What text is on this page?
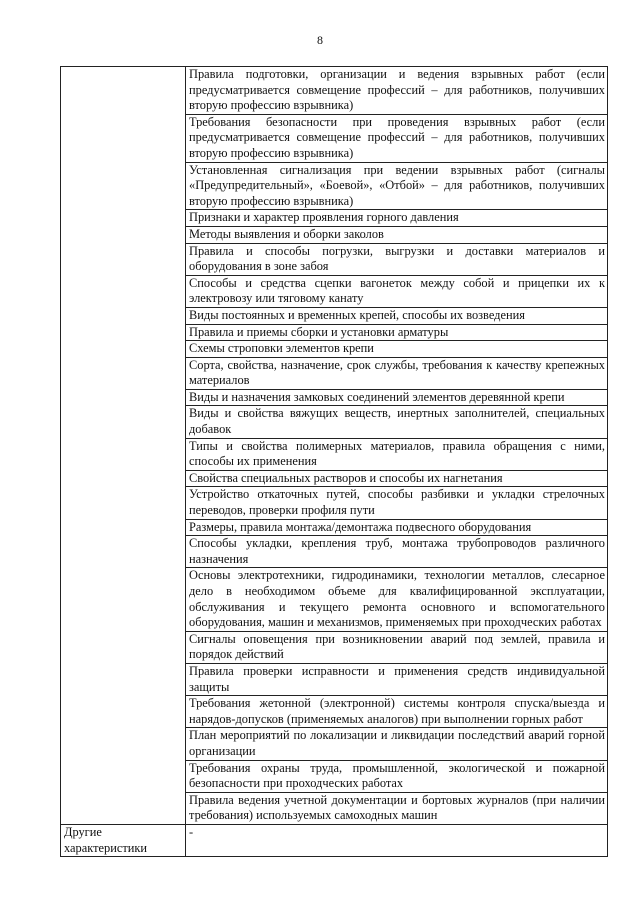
8
	Правила подготовки, организации и ведения взрывных работ (если предусматривается совмещение профессий – для работников, получивших вторую профессию взрывника)
	Требования безопасности при проведения взрывных работ (если предусматривается совмещение профессий – для работников, получивших вторую профессию взрывника)
	Установленная сигнализация при ведении взрывных работ (сигналы «Предупредительный», «Боевой», «Отбой» – для работников, получивших вторую профессию взрывника)
	Признаки и характер проявления горного давления
	Методы выявления и оборки заколов
	Правила и способы погрузки, выгрузки и доставки материалов и оборудования в зоне забоя
	Способы и средства сцепки вагонеток между собой и прицепки их к электровозу или тяговому канату
	Виды постоянных и временных крепей, способы их возведения
	Правила и приемы сборки и установки арматуры
	Схемы строповки элементов крепи
	Сорта, свойства, назначение, срок службы, требования к качеству крепежных материалов
	Виды и назначения замковых соединений элементов деревянной крепи
	Виды и свойства вяжущих веществ, инертных заполнителей, специальных добавок
	Типы и свойства полимерных материалов, правила обращения с ними, способы их применения
	Свойства специальных растворов и способы их нагнетания
	Устройство откаточных путей, способы разбивки и укладки стрелочных переводов, проверки профиля пути
	Размеры, правила монтажа/демонтажа подвесного оборудования
	Способы укладки, крепления труб, монтажа трубопроводов различного назначения
	Основы электротехники, гидродинамики, технологии металлов, слесарное дело в необходимом объеме для квалифицированной эксплуатации, обслуживания и текущего ремонта основного и вспомогательного оборудования, машин и механизмов, применяемых при проходческих работах
	Сигналы оповещения при возникновении аварий под землей, правила и порядок действий
	Правила проверки исправности и применения средств индивидуальной защиты
	Требования жетонной (электронной) системы контроля спуска/выезда и нарядов-допусков (применяемых аналогов) при выполнении горных работ
	План мероприятий по локализации и ликвидации последствий аварий горной организации
	Требования охраны труда, промышленной, экологической и пожарной безопасности при проходческих работах
	Правила ведения учетной документации и бортовых журналов (при наличии требования) используемых самоходных машин
Другие характеристики	-
